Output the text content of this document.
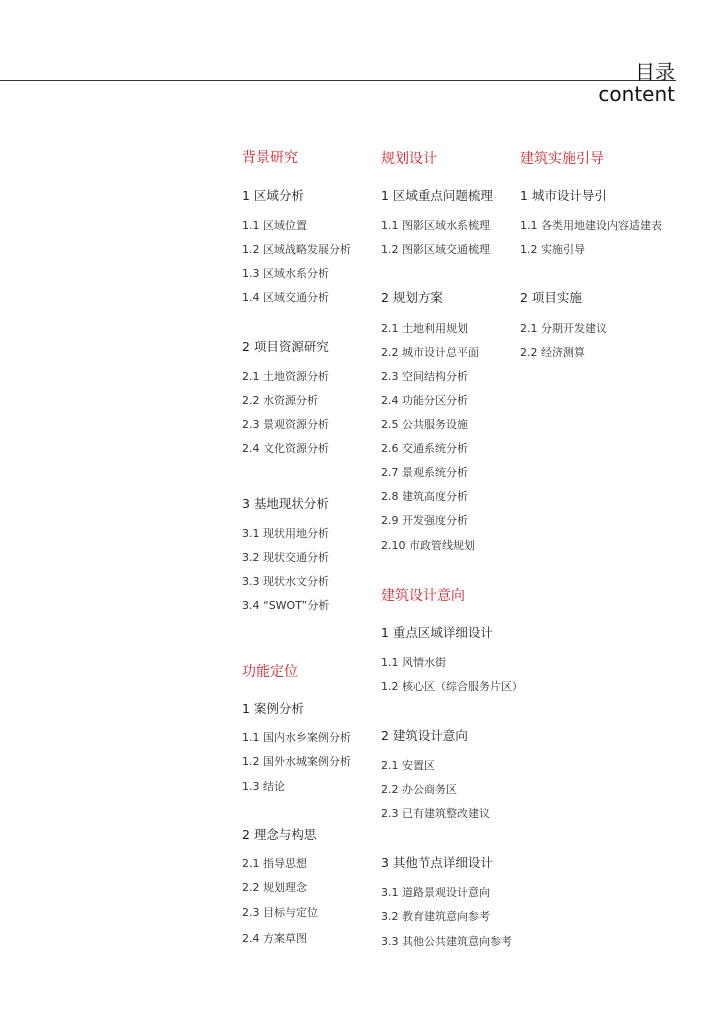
目录
content
背景研究
1 区域分析
1.1 区域位置
1.2 区域战略发展分析
1.3 区域水系分析
1.4 区域交通分析
2 项目资源研究
2.1 土地资源分析
2.2 水资源分析
2.3 景观资源分析
2.4 文化资源分析
3 基地现状分析
3.1 现状用地分析
3.2 现状交通分析
3.3 现状水文分析
3.4 “SWOT”分析
功能定位
1 案例分析
1.1 国内水乡案例分析
1.2 国外水城案例分析
1.3 结论
2 理念与构思
2.1 指导思想
2.2 规划理念
2.3 目标与定位
2.4 方案草图
规划设计
1 区域重点问题梳理
1.1 图影区域水系梳理
1.2 图影区域交通梳理
2 规划方案
2.1 土地利用规划
2.2 城市设计总平面
2.3 空间结构分析
2.4 功能分区分析
2.5 公共服务设施
2.6 交通系统分析
2.7 景观系统分析
2.8 建筑高度分析
2.9 开发强度分析
2.10 市政管线规划
建筑设计意向
1 重点区域详细设计
1.1 风情水街
1.2 核心区（综合服务片区）
2 建筑设计意向
2.1 安置区
2.2 办公商务区
2.3 已有建筑整改建议
3 其他节点详细设计
3.1 道路景观设计意向
3.2 教育建筑意向参考
3.3 其他公共建筑意向参考
建筑实施引导
1 城市设计导引
1.1 各类用地建设内容适建表
1.2 实施引导
2 项目实施
2.1 分期开发建议
2.2 经济测算
